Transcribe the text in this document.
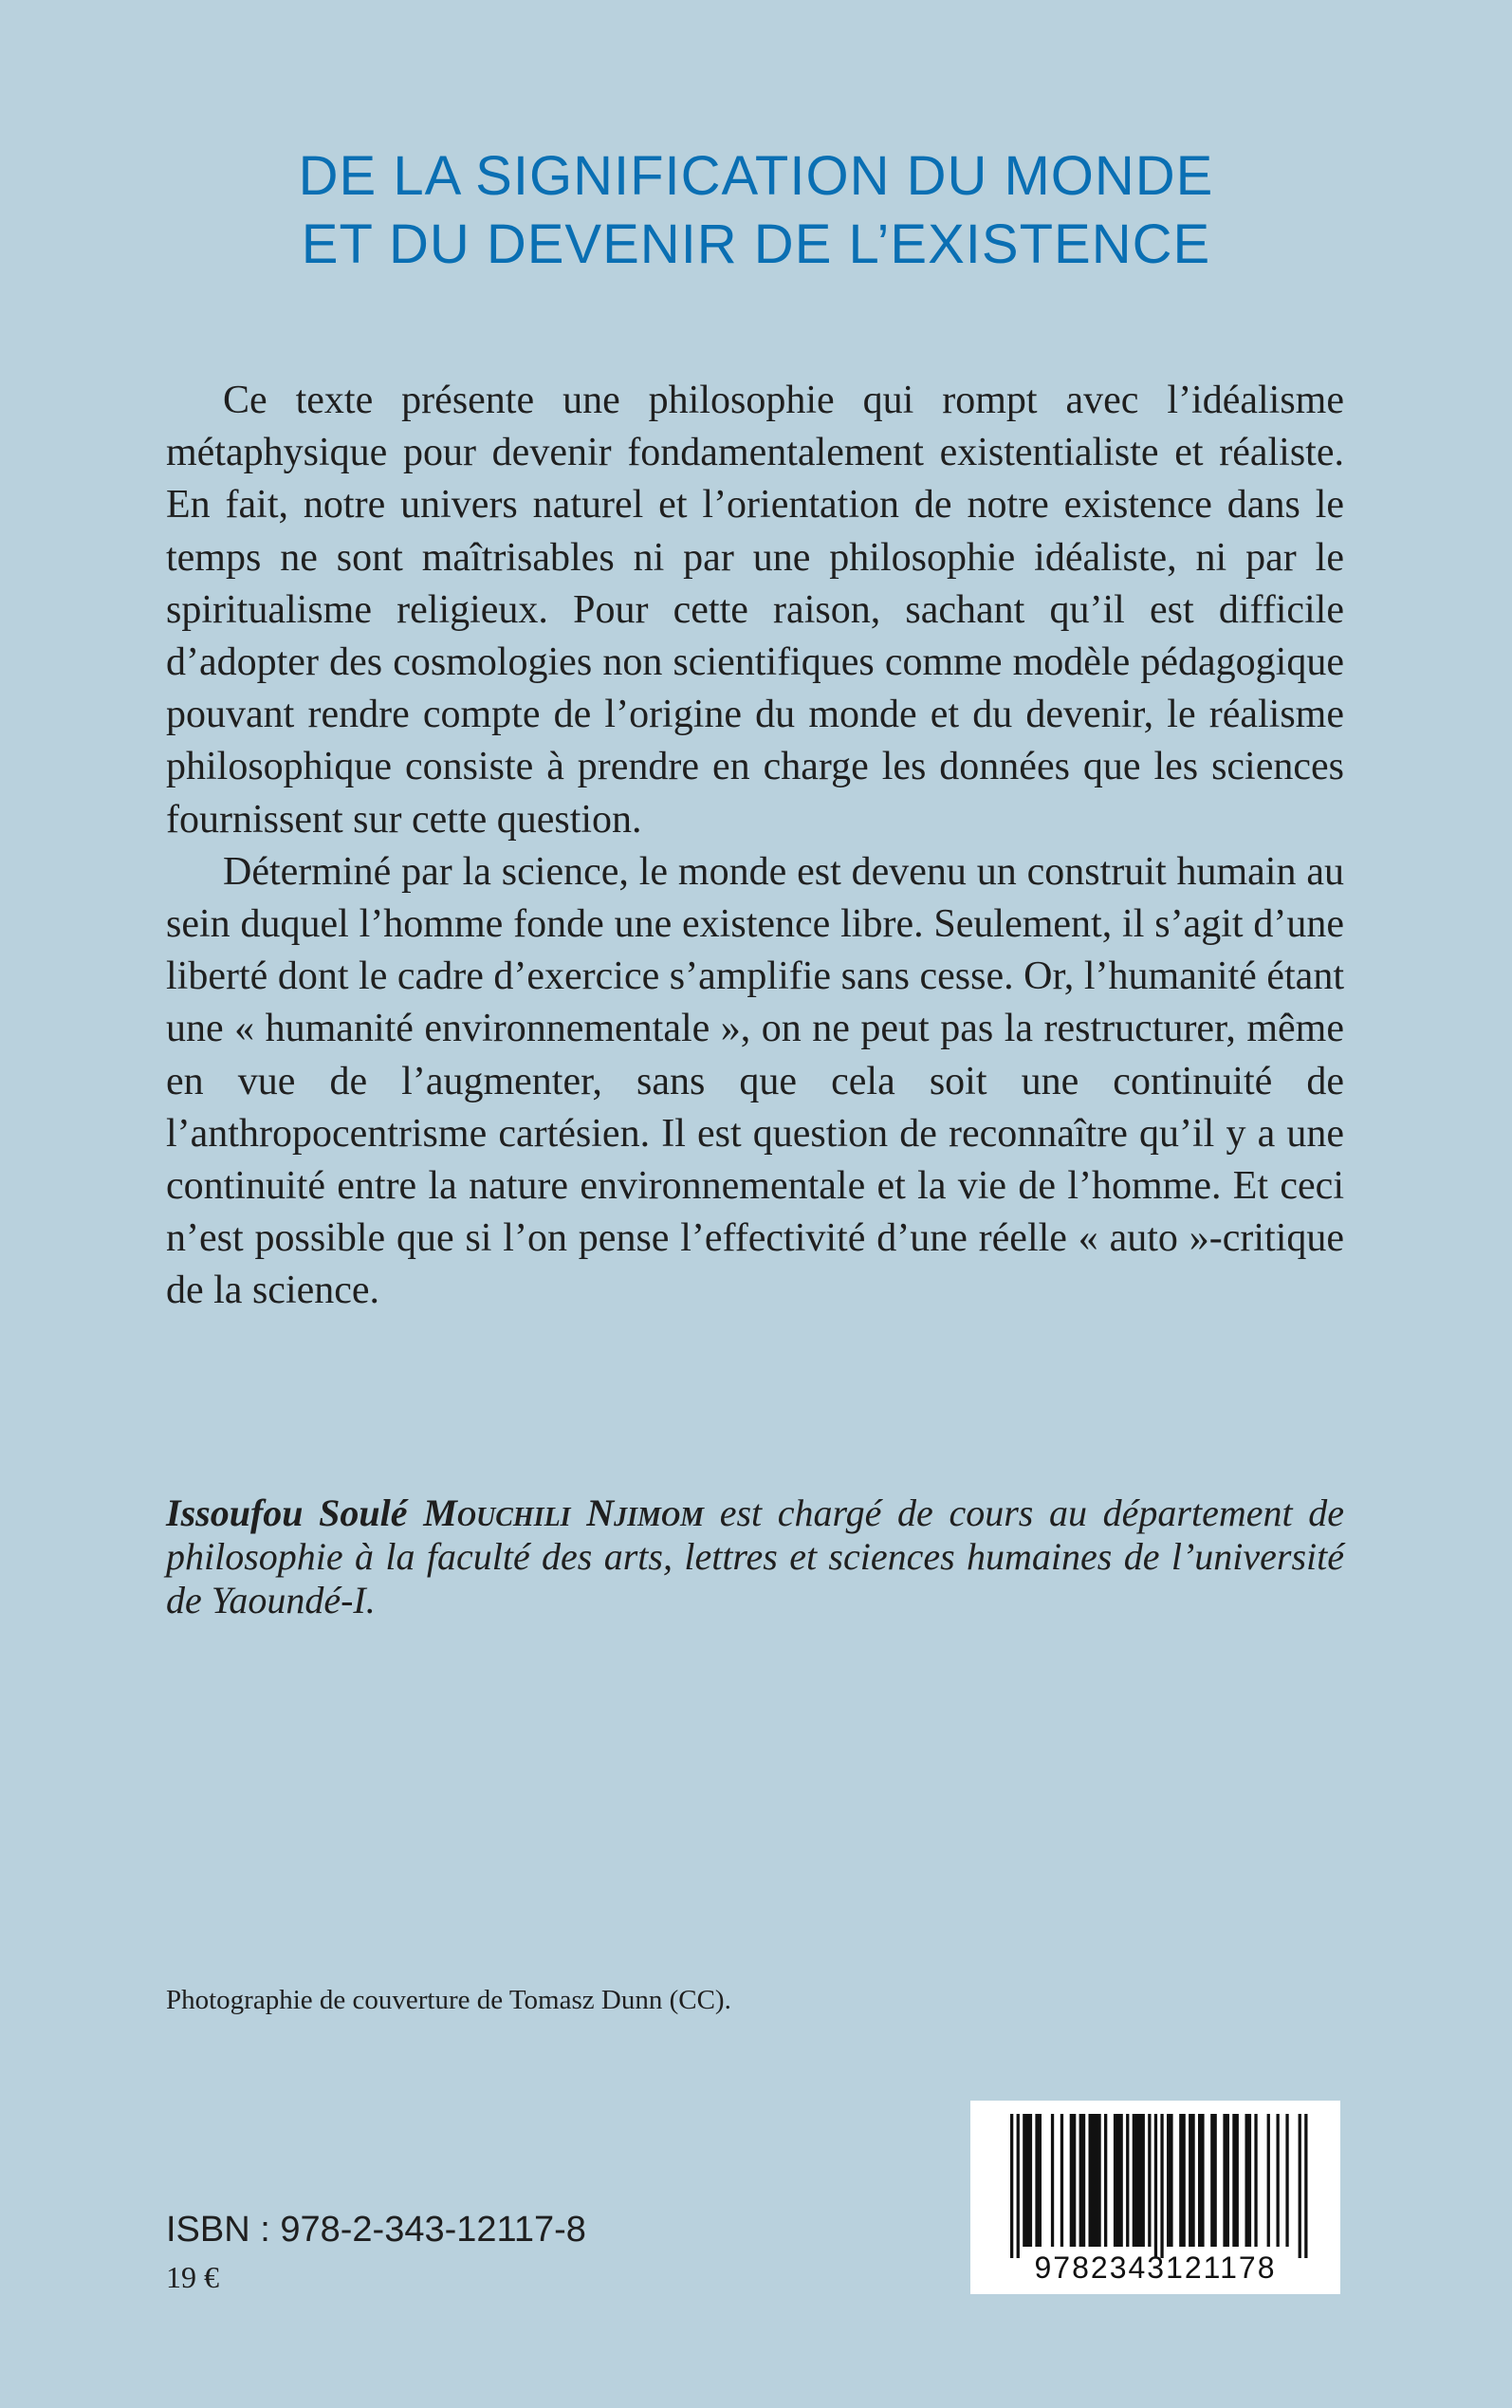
DE LA SIGNIFICATION DU MONDE
ET DU DEVENIR DE L’EXISTENCE

Ce texte présente une philosophie qui rompt avec l’idéalisme métaphysique pour devenir fondamentalement existentialiste et réaliste. En fait, notre univers naturel et l’orientation de notre existence dans le temps ne sont maîtrisables ni par une philosophie idéaliste, ni par le spiritualisme religieux. Pour cette raison, sachant qu’il est difficile d’adopter des cosmologies non scientifiques comme modèle pédagogique pouvant rendre compte de l’origine du monde et du devenir, le réalisme philosophique consiste à prendre en charge les données que les sciences fournissent sur cette question.

Déterminé par la science, le monde est devenu un construit humain au sein duquel l’homme fonde une existence libre. Seulement, il s’agit d’une liberté dont le cadre d’exercice s’amplifie sans cesse. Or, l’humanité étant une « humanité environnementale », on ne peut pas la restructurer, même en vue de l’augmenter, sans que cela soit une continuité de l’anthropocentrisme cartésien. Il est question de reconnaître qu’il y a une continuité entre la nature environnementale et la vie de l’homme. Et ceci n’est possible que si l’on pense l’effectivité d’une réelle « auto »-critique de la science.

Issoufou Soulé Mouchili Njimom est chargé de cours au département de philosophie à la faculté des arts, lettres et sciences humaines de l’université de Yaoundé-I.
Photographie de couverture de Tomasz Dunn (CC).
ISBN : 978-2-343-12117-8
19 €	9782343121178
